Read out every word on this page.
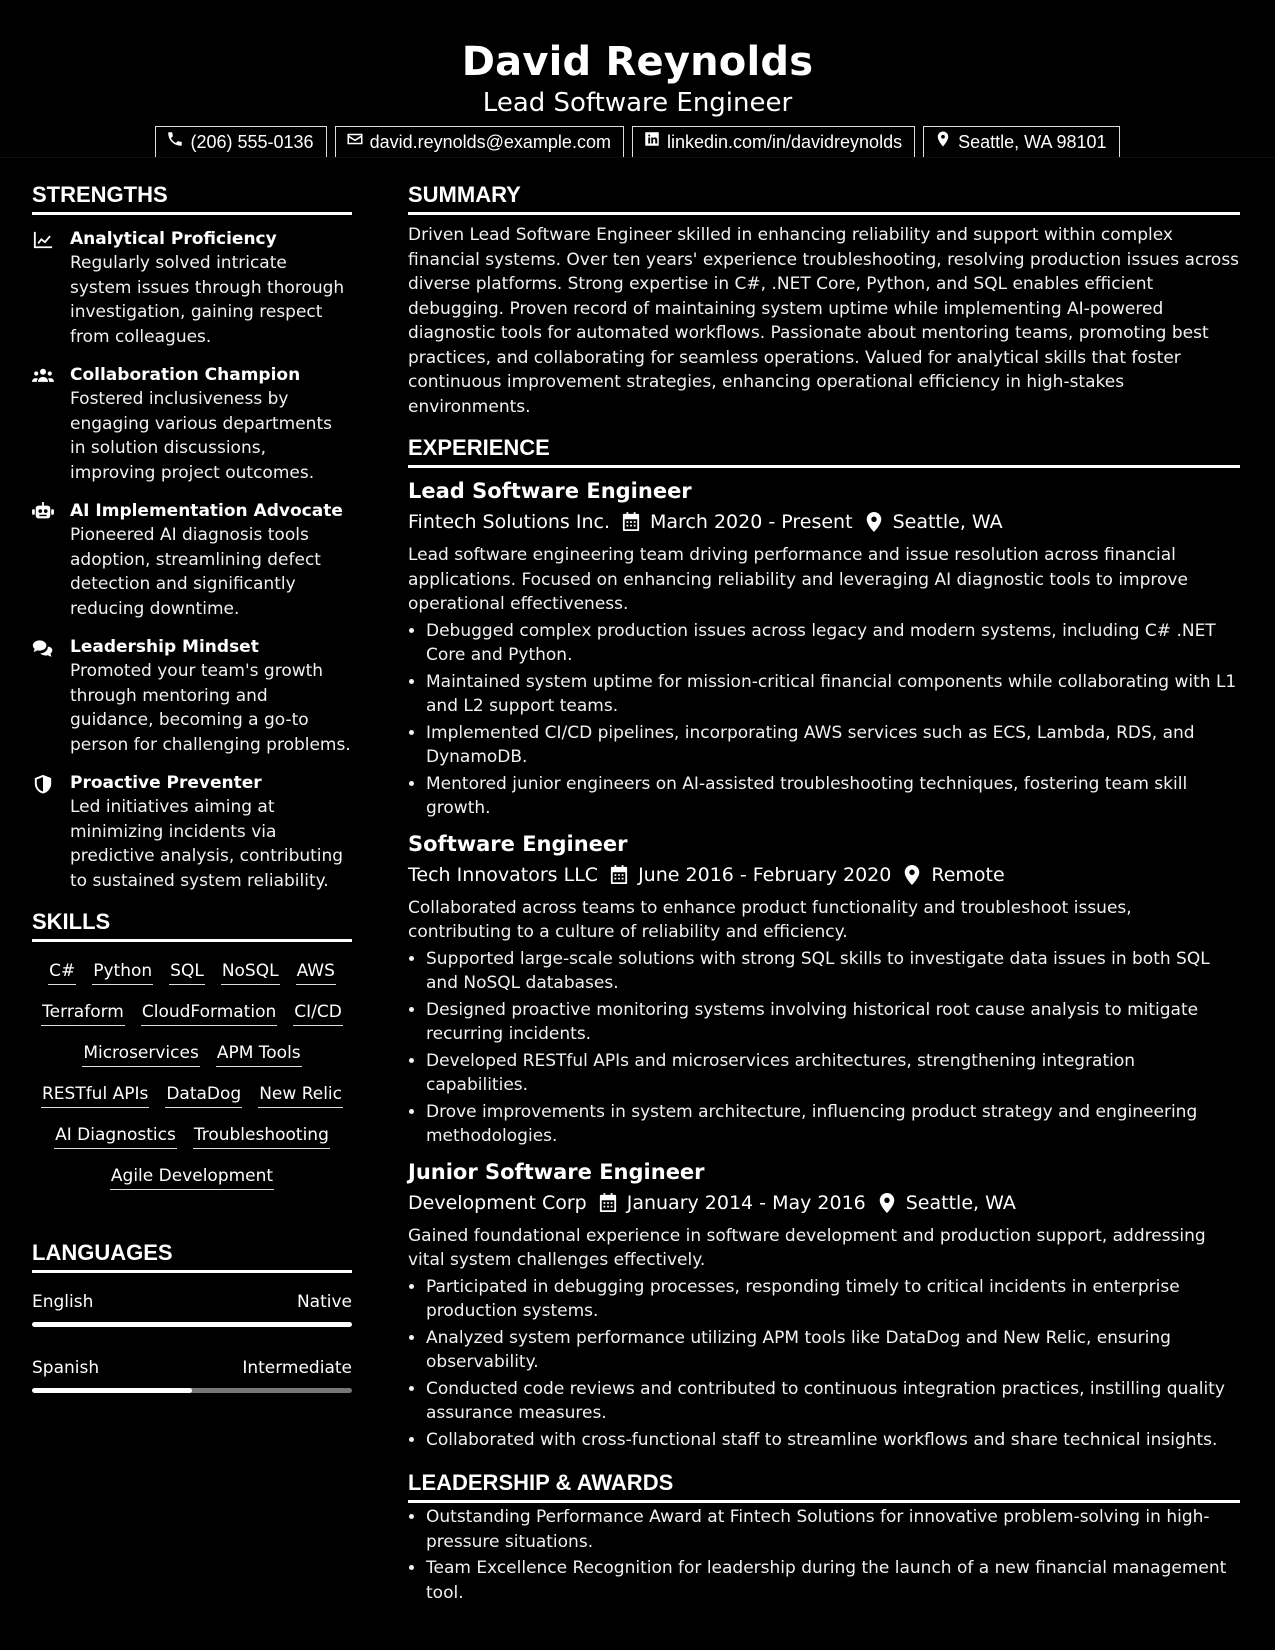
David Reynolds
Lead Software Engineer
(206) 555-0136	david.reynolds@example.com	linkedin.com/in/davidreynolds	Seattle, WA 98101
STRENGTHS
Analytical Proficiency
Regularly solved intricate system issues through thorough investigation, gaining respect from colleagues.
Collaboration Champion
Fostered inclusiveness by engaging various departments in solution discussions, improving project outcomes.
AI Implementation Advocate
Pioneered AI diagnosis tools adoption, streamlining defect detection and significantly reducing downtime.
Leadership Mindset
Promoted your team's growth through mentoring and guidance, becoming a go-to person for challenging problems.
Proactive Preventer
Led initiatives aiming at minimizing incidents via predictive analysis, contributing to sustained system reliability.
SKILLS
C# Python SQL NoSQL AWS
Terraform CloudFormation CI/CD
Microservices APM Tools
RESTful APIs DataDog New Relic
AI Diagnostics Troubleshooting
Agile Development
LANGUAGES
English	Native
Spanish	Intermediate
SUMMARY
Driven Lead Software Engineer skilled in enhancing reliability and support within complex financial systems. Over ten years' experience troubleshooting, resolving production issues across diverse platforms. Strong expertise in C#, .NET Core, Python, and SQL enables efficient debugging. Proven record of maintaining system uptime while implementing AI-powered diagnostic tools for automated workflows. Passionate about mentoring teams, promoting best practices, and collaborating for seamless operations. Valued for analytical skills that foster continuous improvement strategies, enhancing operational efficiency in high-stakes environments.
EXPERIENCE
Lead Software Engineer
Fintech Solutions Inc. March 2020 - Present Seattle, WA
Lead software engineering team driving performance and issue resolution across financial applications. Focused on enhancing reliability and leveraging AI diagnostic tools to improve operational effectiveness.
• Debugged complex production issues across legacy and modern systems, including C# .NET Core and Python.
• Maintained system uptime for mission-critical financial components while collaborating with L1 and L2 support teams.
• Implemented CI/CD pipelines, incorporating AWS services such as ECS, Lambda, RDS, and DynamoDB.
• Mentored junior engineers on AI-assisted troubleshooting techniques, fostering team skill growth.
Software Engineer
Tech Innovators LLC June 2016 - February 2020 Remote
Collaborated across teams to enhance product functionality and troubleshoot issues, contributing to a culture of reliability and efficiency.
• Supported large-scale solutions with strong SQL skills to investigate data issues in both SQL and NoSQL databases.
• Designed proactive monitoring systems involving historical root cause analysis to mitigate recurring incidents.
• Developed RESTful APIs and microservices architectures, strengthening integration capabilities.
• Drove improvements in system architecture, influencing product strategy and engineering methodologies.
Junior Software Engineer
Development Corp January 2014 - May 2016 Seattle, WA
Gained foundational experience in software development and production support, addressing vital system challenges effectively.
• Participated in debugging processes, responding timely to critical incidents in enterprise production systems.
• Analyzed system performance utilizing APM tools like DataDog and New Relic, ensuring observability.
• Conducted code reviews and contributed to continuous integration practices, instilling quality assurance measures.
• Collaborated with cross-functional staff to streamline workflows and share technical insights.
LEADERSHIP & AWARDS
• Outstanding Performance Award at Fintech Solutions for innovative problem-solving in high-pressure situations.
• Team Excellence Recognition for leadership during the launch of a new financial management tool.
